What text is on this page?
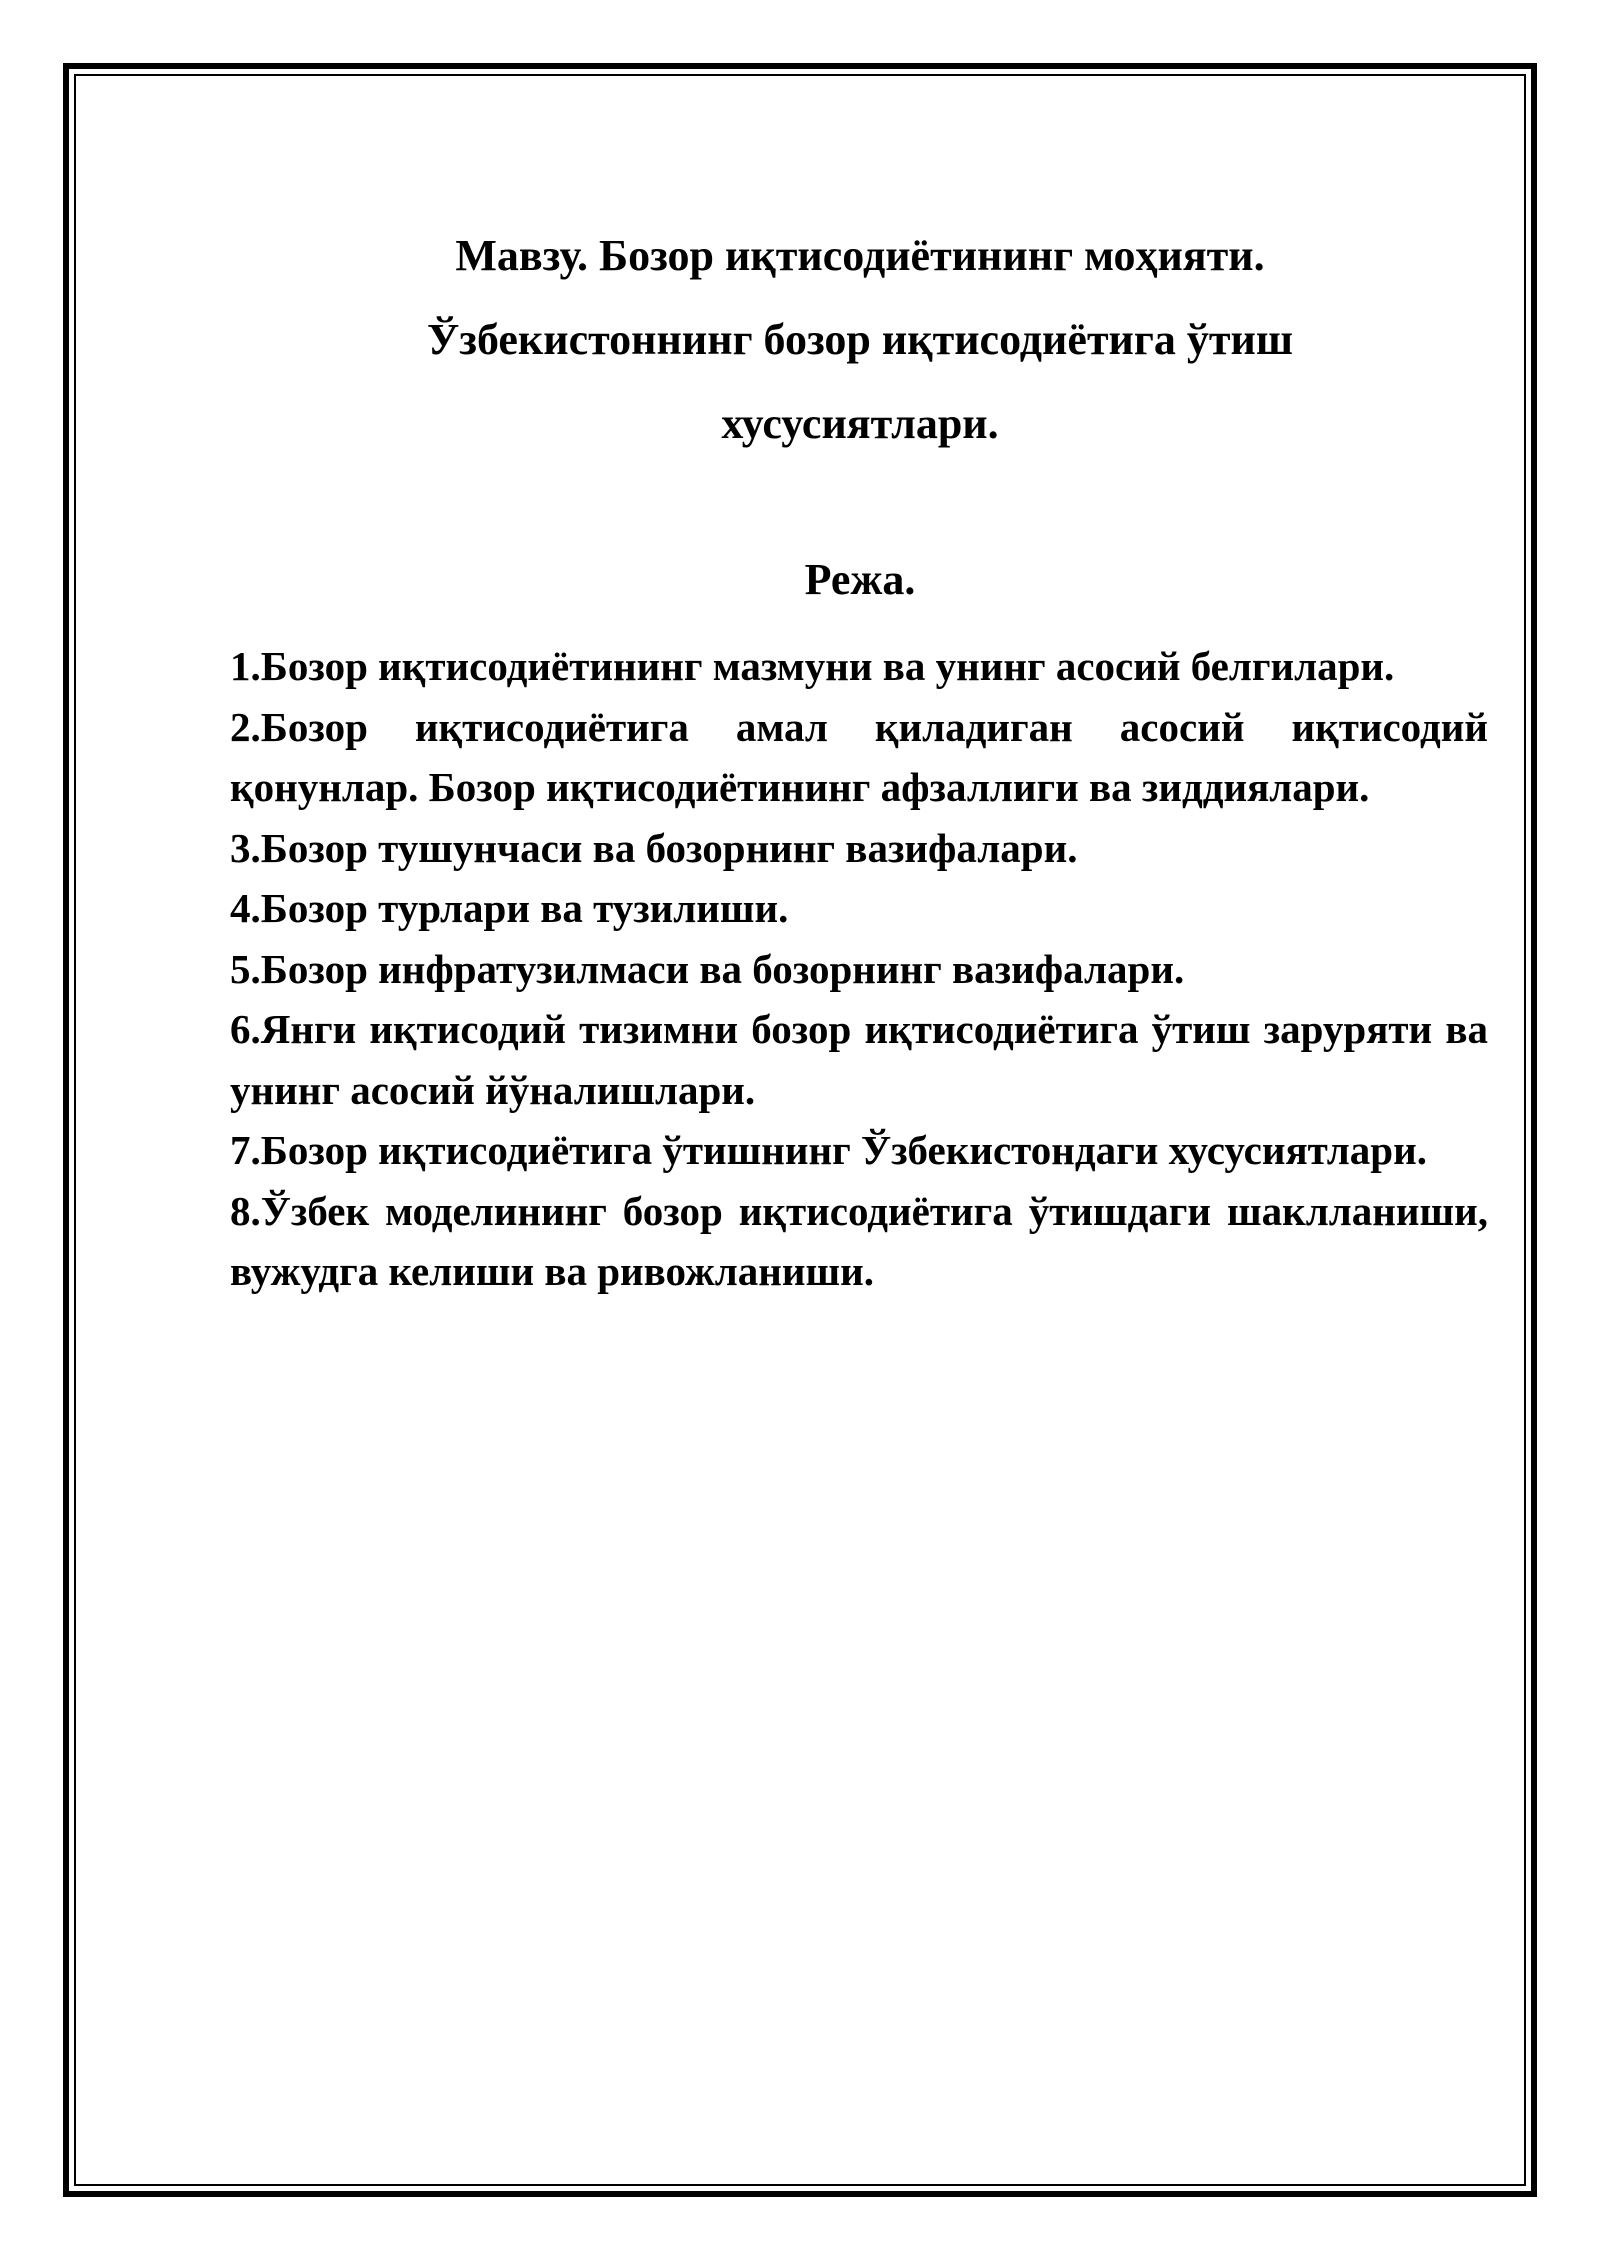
Мавзу. Бозор иқтисодиётининг моҳияти.
Ўзбекистоннинг бозор иқтисодиётига ўтиш
хусусиятлари.
Режа.
1.Бозор иқтисодиётининг мазмуни ва унинг асосий белгилари.
2.Бозор иқтисодиётига амал қиладиган асосий иқтисодий қонунлар. Бозор иқтисодиётининг афзаллиги ва зиддиялари.
3.Бозор тушунчаси ва бозорнинг вазифалари.
4.Бозор турлари ва тузилиши.
5.Бозор инфратузилмаси ва бозорнинг вазифалари.
6.Янги иқтисодий тизимни бозор иқтисодиётига ўтиш заруряти ва унинг асосий йўналишлари.
7.Бозор иқтисодиётига ўтишнинг Ўзбекистондаги хусусиятлари.
8.Ўзбек моделининг бозор иқтисодиётига ўтишдаги шаклланиши, вужудга келиши ва ривожланиши.
